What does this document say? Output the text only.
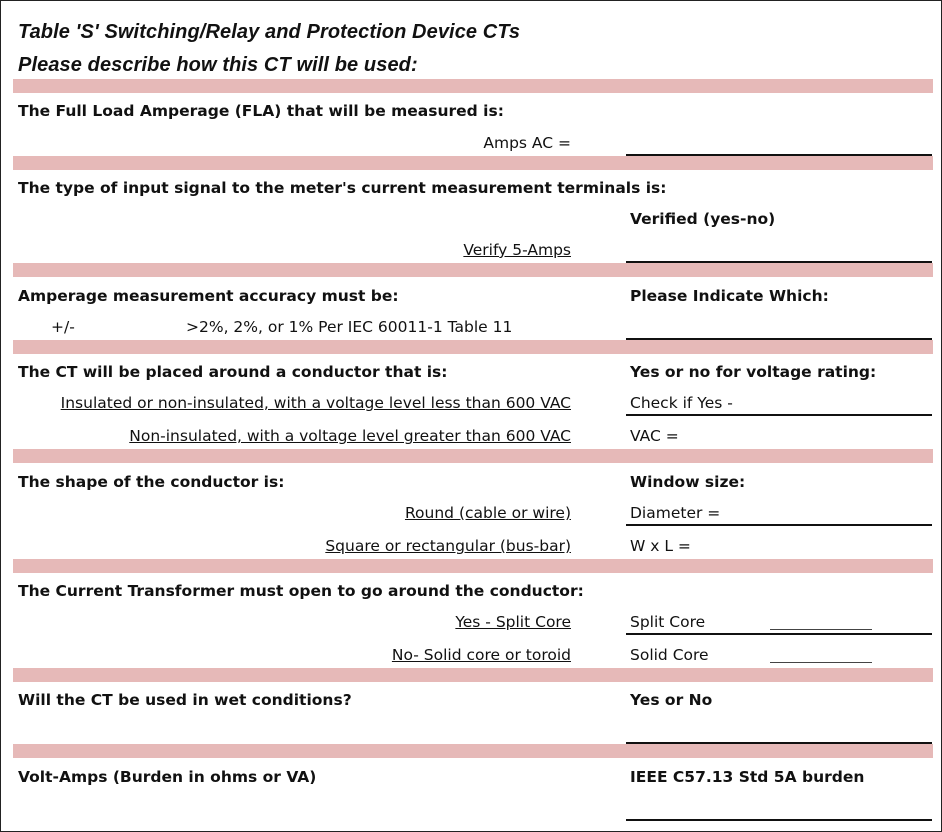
Table 'S' Switching/Relay and Protection Device CTs
Please describe how this CT will be used:
The Full Load Amperage (FLA) that will be measured is:
Amps AC =
The type of input signal to the meter's current measurement terminals is:
Verified (yes-no)
Verify 5-Amps
Amperage measurement accuracy must be:	Please Indicate Which:
+/-	>2%, 2%, or 1% Per IEC 60011-1 Table 11
The CT will be placed around a conductor that is:	Yes or no for voltage rating:
Insulated or non-insulated, with a voltage level less than 600 VAC	Check if Yes -
Non-insulated, with a voltage level greater than 600 VAC	VAC =
The shape of the conductor is:	Window size:
Round (cable or wire)	Diameter =
Square or rectangular (bus-bar)	W x L =
The Current Transformer must open to go around the conductor:
Yes - Split Core	Split Core
No- Solid core or toroid	Solid Core
Will the CT be used in wet conditions?	Yes or No
Volt-Amps (Burden in ohms or VA)	IEEE C57.13 Std 5A burden
